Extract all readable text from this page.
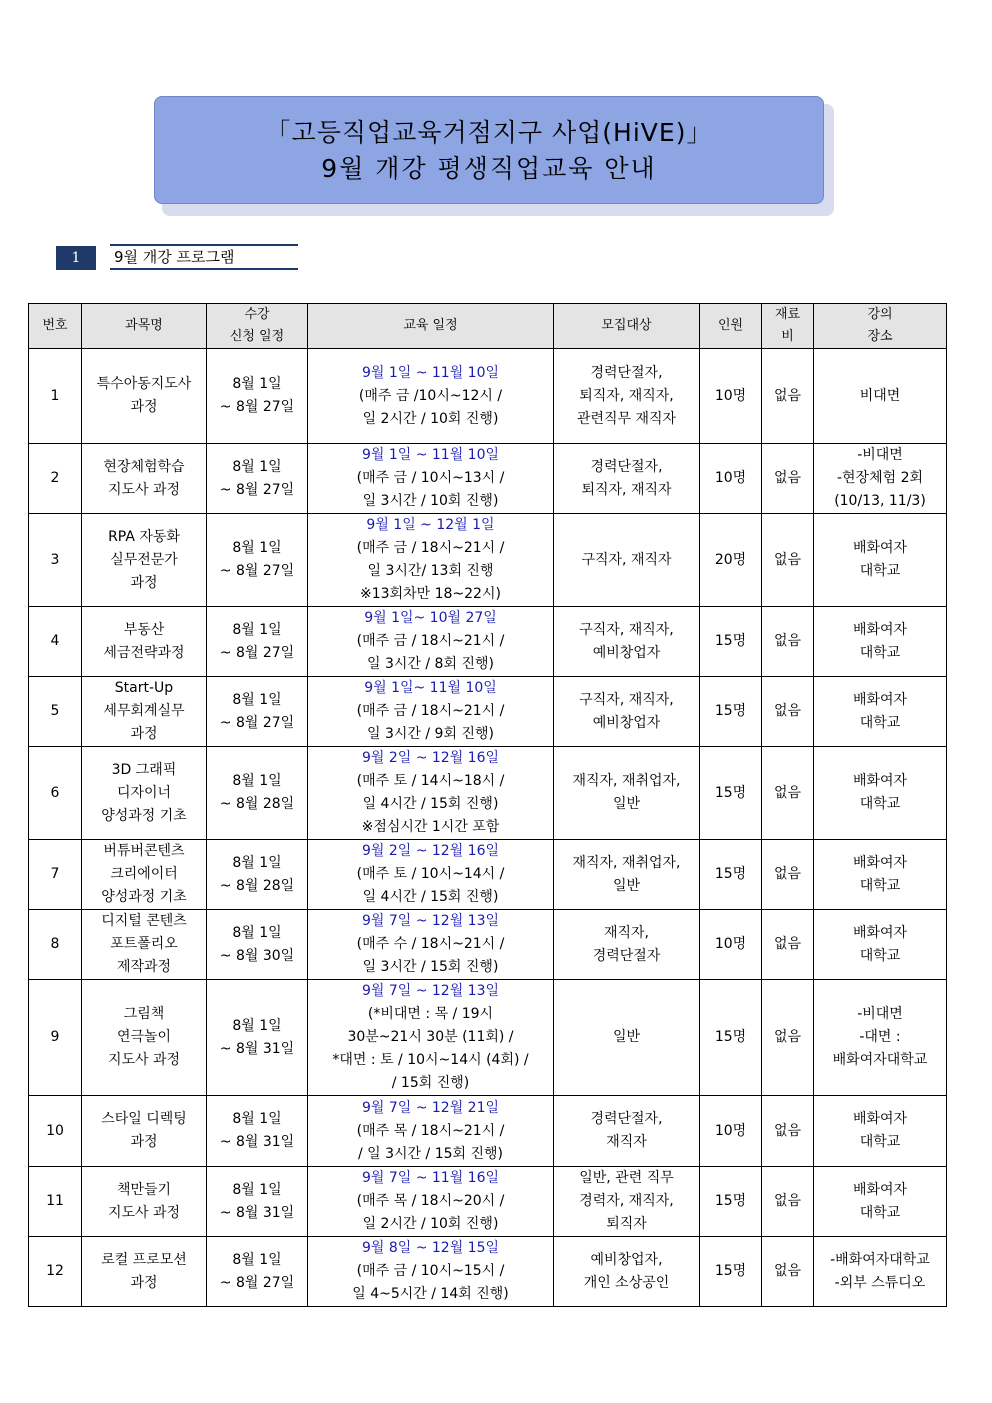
「고등직업교육거점지구 사업(HiVE)」
9월 개강 평생직업교육 안내
1	9월 개강 프로그램
번호	과목명	수강
신청 일정	교육 일정	모집대상	인원	재료
비	강의
장소

1	특수아동지도사
과정	8월 1일
~ 8월 27일	9월 1일 ~ 11월 10일
(매주 금 /10시~12시 /
일 2시간 / 10회 진행)	경력단절자,
퇴직자, 재직자,
관련직무 재직자	10명	없음	비대면

2	현장체험학습
지도사 과정	8월 1일
~ 8월 27일	9월 1일 ~ 11월 10일
(매주 금 / 10시~13시 /
일 3시간 / 10회 진행)	경력단절자,
퇴직자, 재직자	10명	없음	-비대면
-현장체험 2회
(10/13, 11/3)

3	RPA 자동화
실무전문가
과정	8월 1일
~ 8월 27일	9월 1일 ~ 12월 1일
(매주 금 / 18시~21시 /
일 3시간/ 13회 진행
※13회차만 18~22시)	구직자, 재직자	20명	없음	배화여자
대학교

4	부동산
세금전략과정	8월 1일
~ 8월 27일	9월 1일~ 10월 27일
(매주 금 / 18시~21시 /
일 3시간 / 8회 진행)	구직자, 재직자,
예비창업자	15명	없음	배화여자
대학교

5	Start-Up
세무회계실무
과정	8월 1일
~ 8월 27일	9월 1일~ 11월 10일
(매주 금 / 18시~21시 /
일 3시간 / 9회 진행)	구직자, 재직자,
예비창업자	15명	없음	배화여자
대학교

6	3D 그래픽
디자이너
양성과정 기초	8월 1일
~ 8월 28일	9월 2일 ~ 12월 16일
(매주 토 / 14시~18시 /
일 4시간 / 15회 진행)
※점심시간 1시간 포함	재직자, 재취업자,
일반	15명	없음	배화여자
대학교

7	버튜버콘텐츠
크리에이터
양성과정 기초	8월 1일
~ 8월 28일	9월 2일 ~ 12월 16일
(매주 토 / 10시~14시 /
일 4시간 / 15회 진행)	재직자, 재취업자,
일반	15명	없음	배화여자
대학교

8	디지털 콘텐츠
포트폴리오
제작과정	8월 1일
~ 8월 30일	9월 7일 ~ 12월 13일
(매주 수 / 18시~21시 /
일 3시간 / 15회 진행)	재직자,
경력단절자	10명	없음	배화여자
대학교

9	그림책
연극놀이
지도사 과정	8월 1일
~ 8월 31일	9월 7일 ~ 12월 13일
(*비대면 : 목 / 19시
30분~21시 30분 (11회) /
*대면 : 토 / 10시~14시 (4회) /
/ 15회 진행)	일반	15명	없음	-비대면
-대면 :
배화여자대학교

10	스타일 디렉팅
과정	8월 1일
~ 8월 31일	9월 7일 ~ 12월 21일
(매주 목 / 18시~21시 /
/ 일 3시간 / 15회 진행)	경력단절자,
재직자	10명	없음	배화여자
대학교

11	책만들기
지도사 과정	8월 1일
~ 8월 31일	9월 7일 ~ 11월 16일
(매주 목 / 18시~20시 /
일 2시간 / 10회 진행)	일반, 관련 직무
경력자, 재직자,
퇴직자	15명	없음	배화여자
대학교

12	로컬 프로모션
과정	8월 1일
~ 8월 27일	9월 8일 ~ 12월 15일
(매주 금 / 10시~15시 /
일 4~5시간 / 14회 진행)	예비창업자,
개인 소상공인	15명	없음	-배화여자대학교
-외부 스튜디오
